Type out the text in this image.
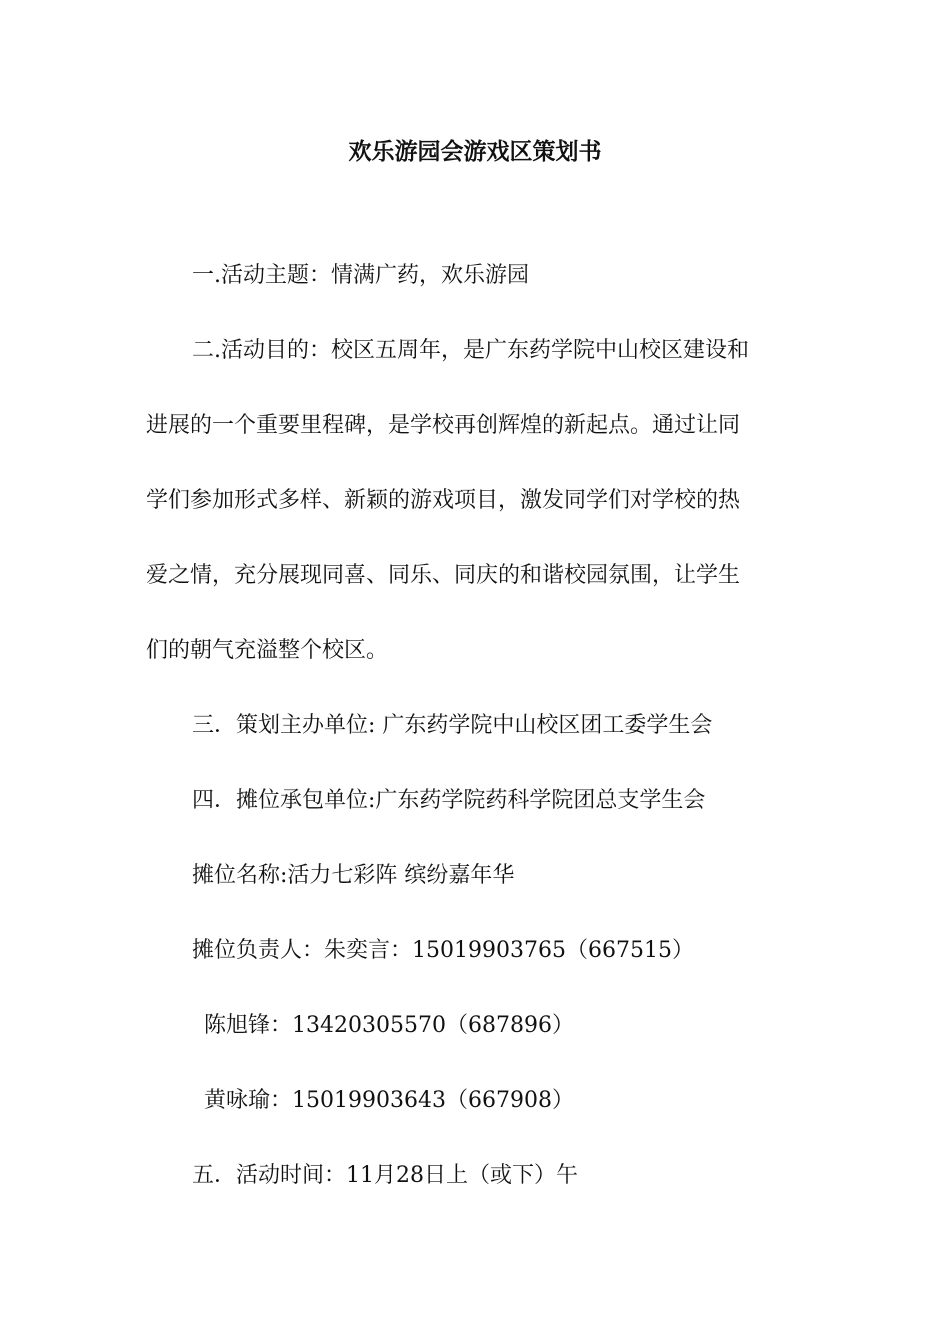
欢乐游园会游戏区策划书
一.活动主题：情满广药，欢乐游园
二.活动目的：校区五周年，是广东药学院中山校区建设和
进展的一个重要里程碑，是学校再创辉煌的新起点。通过让同
学们参加形式多样、新颖的游戏项目，激发同学们对学校的热
爱之情，充分展现同喜、同乐、同庆的和谐校园氛围，让学生
们的朝气充溢整个校区。
三．策划主办单位: 广东药学院中山校区团工委学生会
四．摊位承包单位:广东药学院药科学院团总支学生会
摊位名称:活力七彩阵 缤纷嘉年华
摊位负责人：朱奕言：15019903765（667515）
陈旭锋：13420305570（687896）
黄咏瑜：15019903643（667908）
五．活动时间：11月28日上（或下）午
